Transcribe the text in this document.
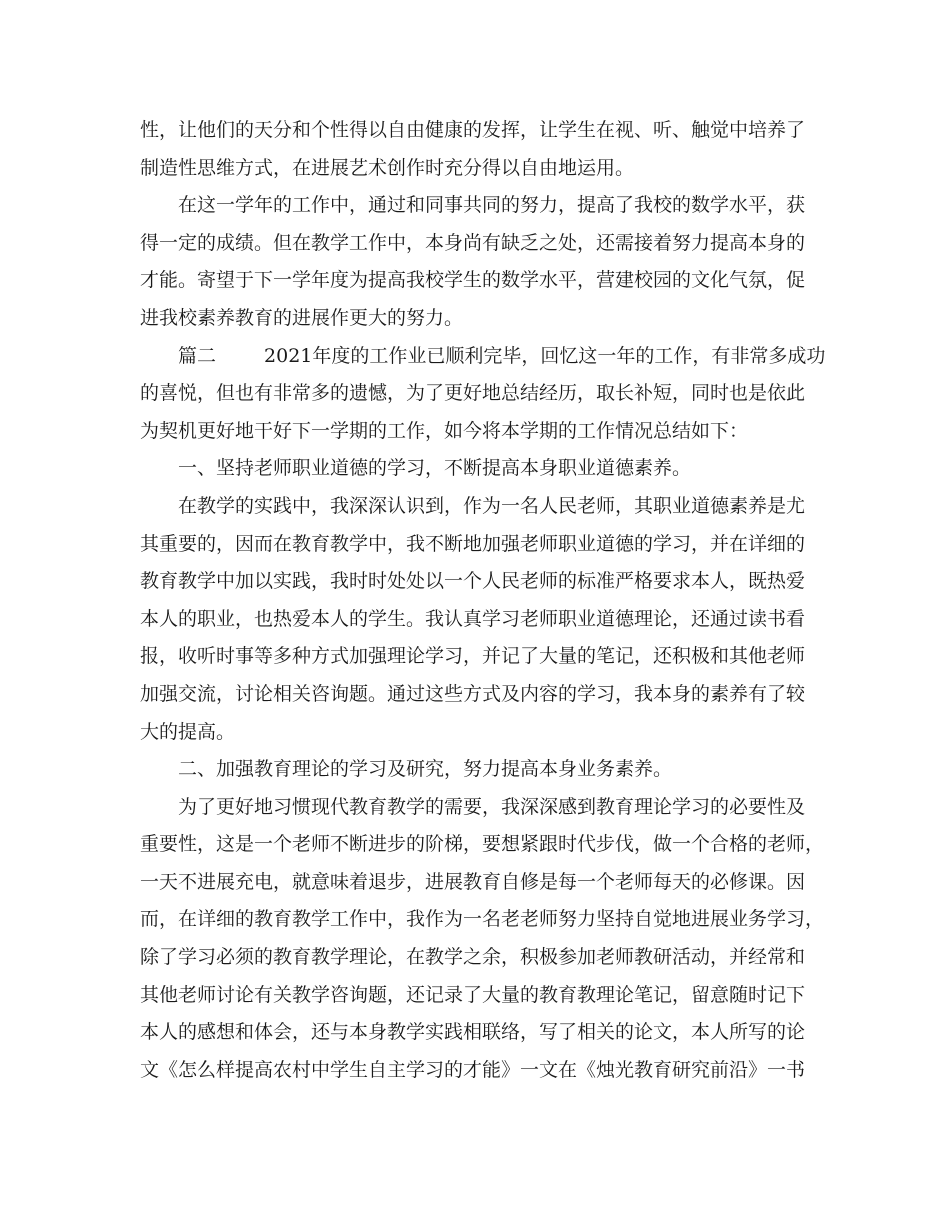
性，让他们的天分和个性得以自由健康的发挥，让学生在视、听、触觉中培养了
制造性思维方式，在进展艺术创作时充分得以自由地运用。
在这一学年的工作中，通过和同事共同的努力，提高了我校的数学水平，获
得一定的成绩。但在教学工作中，本身尚有缺乏之处，还需接着努力提高本身的
才能。寄望于下一学年度为提高我校学生的数学水平，营建校园的文化气氛，促
进我校素养教育的进展作更大的努力。
篇二	2021年度的工作业已顺利完毕，回忆这一年的工作，有非常多成功
的喜悦，但也有非常多的遗憾，为了更好地总结经历，取长补短，同时也是依此
为契机更好地干好下一学期的工作，如今将本学期的工作情况总结如下：
一、坚持老师职业道德的学习，不断提高本身职业道德素养。
在教学的实践中，我深深认识到，作为一名人民老师，其职业道德素养是尤
其重要的，因而在教育教学中，我不断地加强老师职业道德的学习，并在详细的
教育教学中加以实践，我时时处处以一个人民老师的标准严格要求本人，既热爱
本人的职业，也热爱本人的学生。我认真学习老师职业道德理论，还通过读书看
报，收听时事等多种方式加强理论学习，并记了大量的笔记，还积极和其他老师
加强交流，讨论相关咨询题。通过这些方式及内容的学习，我本身的素养有了较
大的提高。
二、加强教育理论的学习及研究，努力提高本身业务素养。
为了更好地习惯现代教育教学的需要，我深深感到教育理论学习的必要性及
重要性，这是一个老师不断进步的阶梯，要想紧跟时代步伐，做一个合格的老师，
一天不进展充电，就意味着退步，进展教育自修是每一个老师每天的必修课。因
而，在详细的教育教学工作中，我作为一名老老师努力坚持自觉地进展业务学习，
除了学习必须的教育教学理论，在教学之余，积极参加老师教研活动，并经常和
其他老师讨论有关教学咨询题，还记录了大量的教育教理论笔记，留意随时记下
本人的感想和体会，还与本身教学实践相联络，写了相关的论文，本人所写的论
文《怎么样提高农村中学生自主学习的才能》一文在《烛光教育研究前沿》一书
